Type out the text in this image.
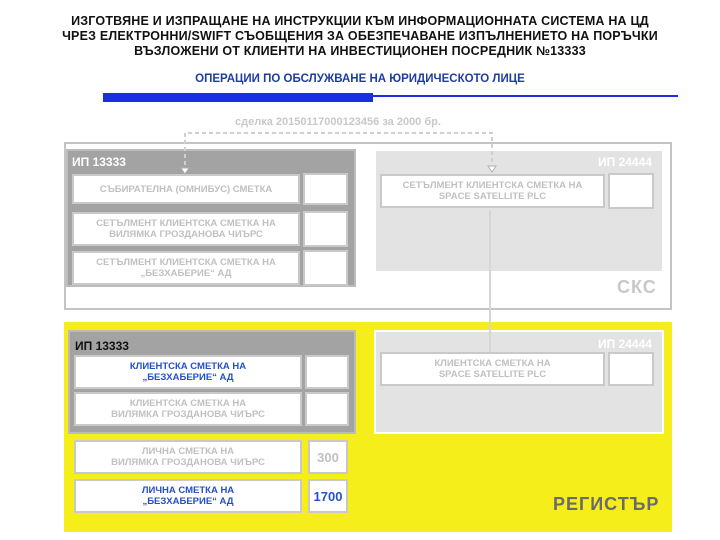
ИЗГОТВЯНЕ И ИЗПРАЩАНЕ НА ИНСТРУКЦИИ КЪМ ИНФОРМАЦИОННАТА СИСТЕМА НА ЦД
ЧРЕЗ ЕЛЕКТРОННИ/SWIFT СЪОБЩЕНИЯ ЗА ОБЕЗПЕЧАВАНЕ ИЗПЪЛНЕНИЕТО НА ПОРЪЧКИ
ВЪЗЛОЖЕНИ ОТ КЛИЕНТИ НА ИНВЕСТИЦИОНЕН ПОСРЕДНИК №13333
ОПЕРАЦИИ ПО ОБСЛУЖВАНЕ НА ЮРИДИЧЕСКОТО ЛИЦЕ
сделка 20150117000123456 за 2000 бр.
СКС
ИП 13333
СЪБИРАТЕЛНА (ОМНИБУС) СМЕТКА
СЕТЪЛМЕНТ КЛИЕНТСКА СМЕТКА НА
ВИЛЯМКА ГРОЗДАНОВА ЧИЪРС
СЕТЪЛМЕНТ КЛИЕНТСКА СМЕТКА НА
„БЕЗХАБЕРИЕ“ АД
ИП 24444
СЕТЪЛМЕНТ КЛИЕНТСКА СМЕТКА НА
SPACE SATELLITE PLC
РЕГИСТЪР
ИП 13333
КЛИЕНТСКА СМЕТКА НА
„БЕЗХАБЕРИЕ“ АД
КЛИЕНТСКА СМЕТКА НА
ВИЛЯМКА ГРОЗДАНОВА ЧИЪРС
ЛИЧНА СМЕТКА НА
ВИЛЯМКА ГРОЗДАНОВА ЧИЪРС	300
ЛИЧНА СМЕТКА НА
„БЕЗХАБЕРИЕ“ АД	1700
ИП 24444
КЛИЕНТСКА СМЕТКА НА
SPACE SATELLITE PLC
